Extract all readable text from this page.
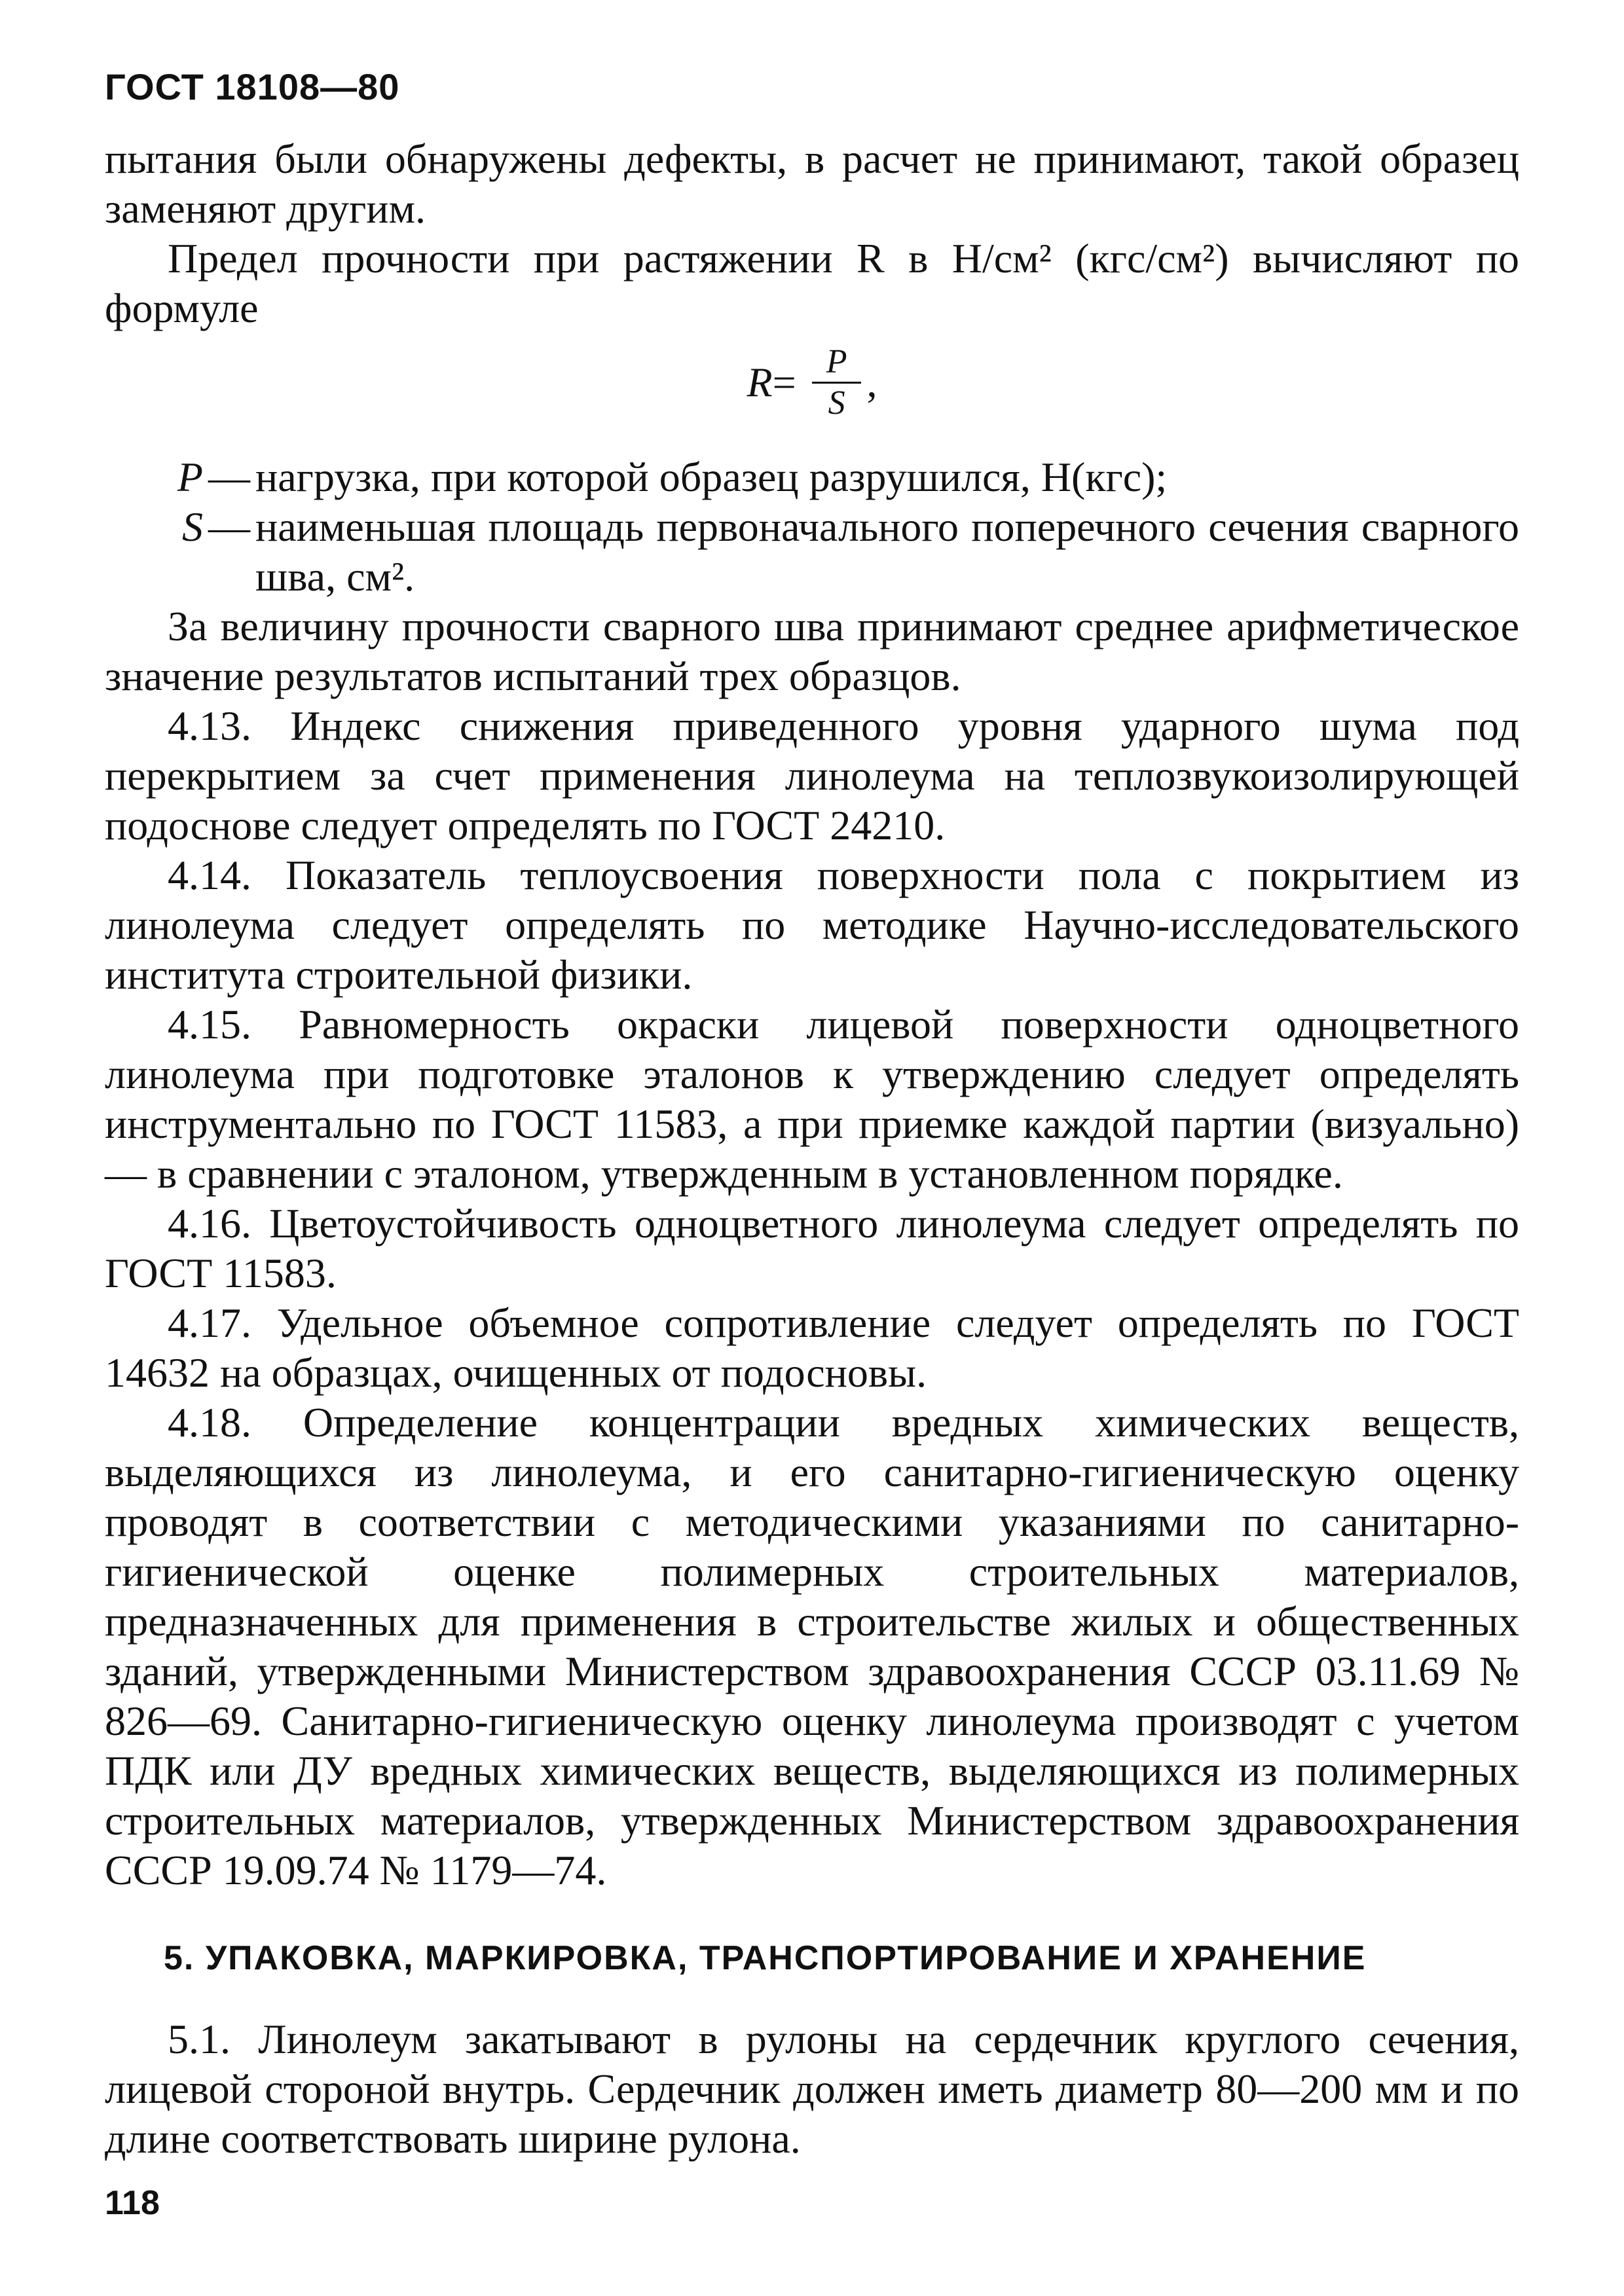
ГОСТ 18108—80

пытания были обнаружены дефекты, в расчет не принимают, такой образец заменяют другим.

Предел прочности при растяжении R в Н/см² (кгс/см²) вычисляют по формуле

$R= \frac{P}{S}$ ,
P — нагрузка, при которой образец разрушился, Н(кгс);
S — наименьшая площадь первоначального поперечного сечения сварного шва, см².

За величину прочности сварного шва принимают среднее арифметическое значение результатов испытаний трех образцов.

4.13. Индекс снижения приведенного уровня ударного шума под перекрытием за счет применения линолеума на теплозвукоизолирующей подоснове следует определять по ГОСТ 24210.

4.14. Показатель теплоусвоения поверхности пола с покрытием из линолеума следует определять по методике Научно-исследовательского института строительной физики.

4.15. Равномерность окраски лицевой поверхности одноцветного линолеума при подготовке эталонов к утверждению следует определять инструментально по ГОСТ 11583, а при приемке каждой партии (визуально) — в сравнении с эталоном, утвержденным в установленном порядке.

4.16. Цветоустойчивость одноцветного линолеума следует определять по ГОСТ 11583.

4.17. Удельное объемное сопротивление следует определять по ГОСТ 14632 на образцах, очищенных от подосновы.

4.18. Определение концентрации вредных химических веществ, выделяющихся из линолеума, и его санитарно-гигиеническую оценку проводят в соответствии с методическими указаниями по санитарно-гигиенической оценке полимерных строительных материалов, предназначенных для применения в строительстве жилых и общественных зданий, утвержденными Министерством здравоохранения СССР 03.11.69 № 826—69. Санитарно-гигиеническую оценку линолеума производят с учетом ПДК или ДУ вредных химических веществ, выделяющихся из полимерных строительных материалов, утвержденных Министерством здравоохранения СССР 19.09.74 № 1179—74.

5. УПАКОВКА, МАРКИРОВКА, ТРАНСПОРТИРОВАНИЕ И ХРАНЕНИЕ

5.1. Линолеум закатывают в рулоны на сердечник круглого сечения, лицевой стороной внутрь. Сердечник должен иметь диаметр 80—200 мм и по длине соответствовать ширине рулона.

118
